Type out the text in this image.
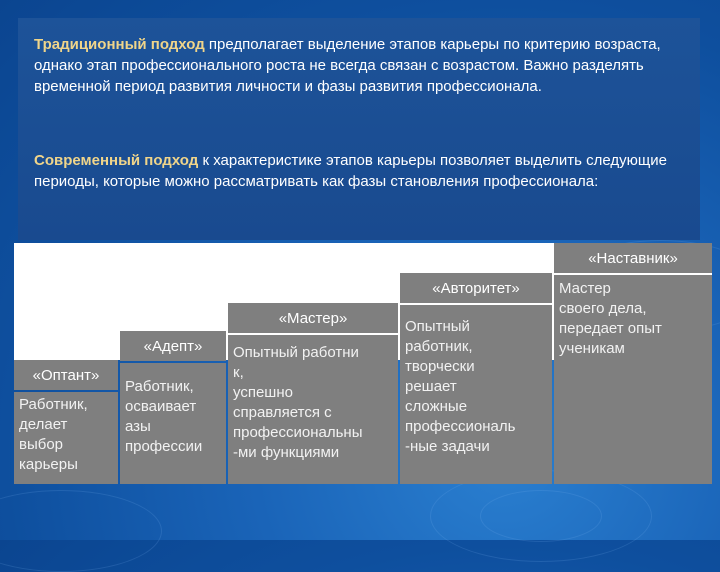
Традиционный подход предполагает выделение этапов карьеры по критерию возраста, однако этап профессионального роста не всегда связан с возрастом. Важно разделять временной период развития личности и фазы развития профессионала.
Современный подход к характеристике этапов карьеры позволяет выделить следующие периоды, которые можно рассматривать как фазы становления профессионала:
«Наставник»
Мастер
своего дела,
передает опыт
ученикам
«Авторитет»
Опытный
работник,
творчески
решает
сложные
профессиональ
-ные задачи
«Мастер»
Опытный работни
к,
успешно
справляется с
профессиональны
-ми функциями
«Адепт»
Работник,
осваивает
азы
профессии
«Оптант»
Работник,
делает
выбор
карьеры
